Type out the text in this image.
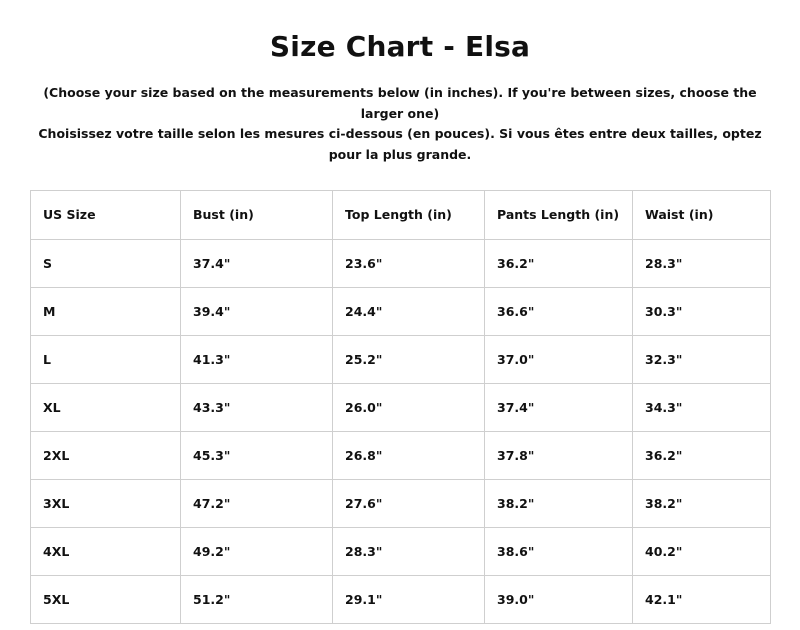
Size Chart - Elsa
(Choose your size based on the measurements below (in inches). If you're between sizes, choose the larger one)
Choisissez votre taille selon les mesures ci-dessous (en pouces). Si vous êtes entre deux tailles, optez pour la plus grande.
US Size	Bust (in)	Top Length (in)	Pants Length (in)	Waist (in)
S	37.4"	23.6"	36.2"	28.3"
M	39.4"	24.4"	36.6"	30.3"
L	41.3"	25.2"	37.0"	32.3"
XL	43.3"	26.0"	37.4"	34.3"
2XL	45.3"	26.8"	37.8"	36.2"
3XL	47.2"	27.6"	38.2"	38.2"
4XL	49.2"	28.3"	38.6"	40.2"
5XL	51.2"	29.1"	39.0"	42.1"
